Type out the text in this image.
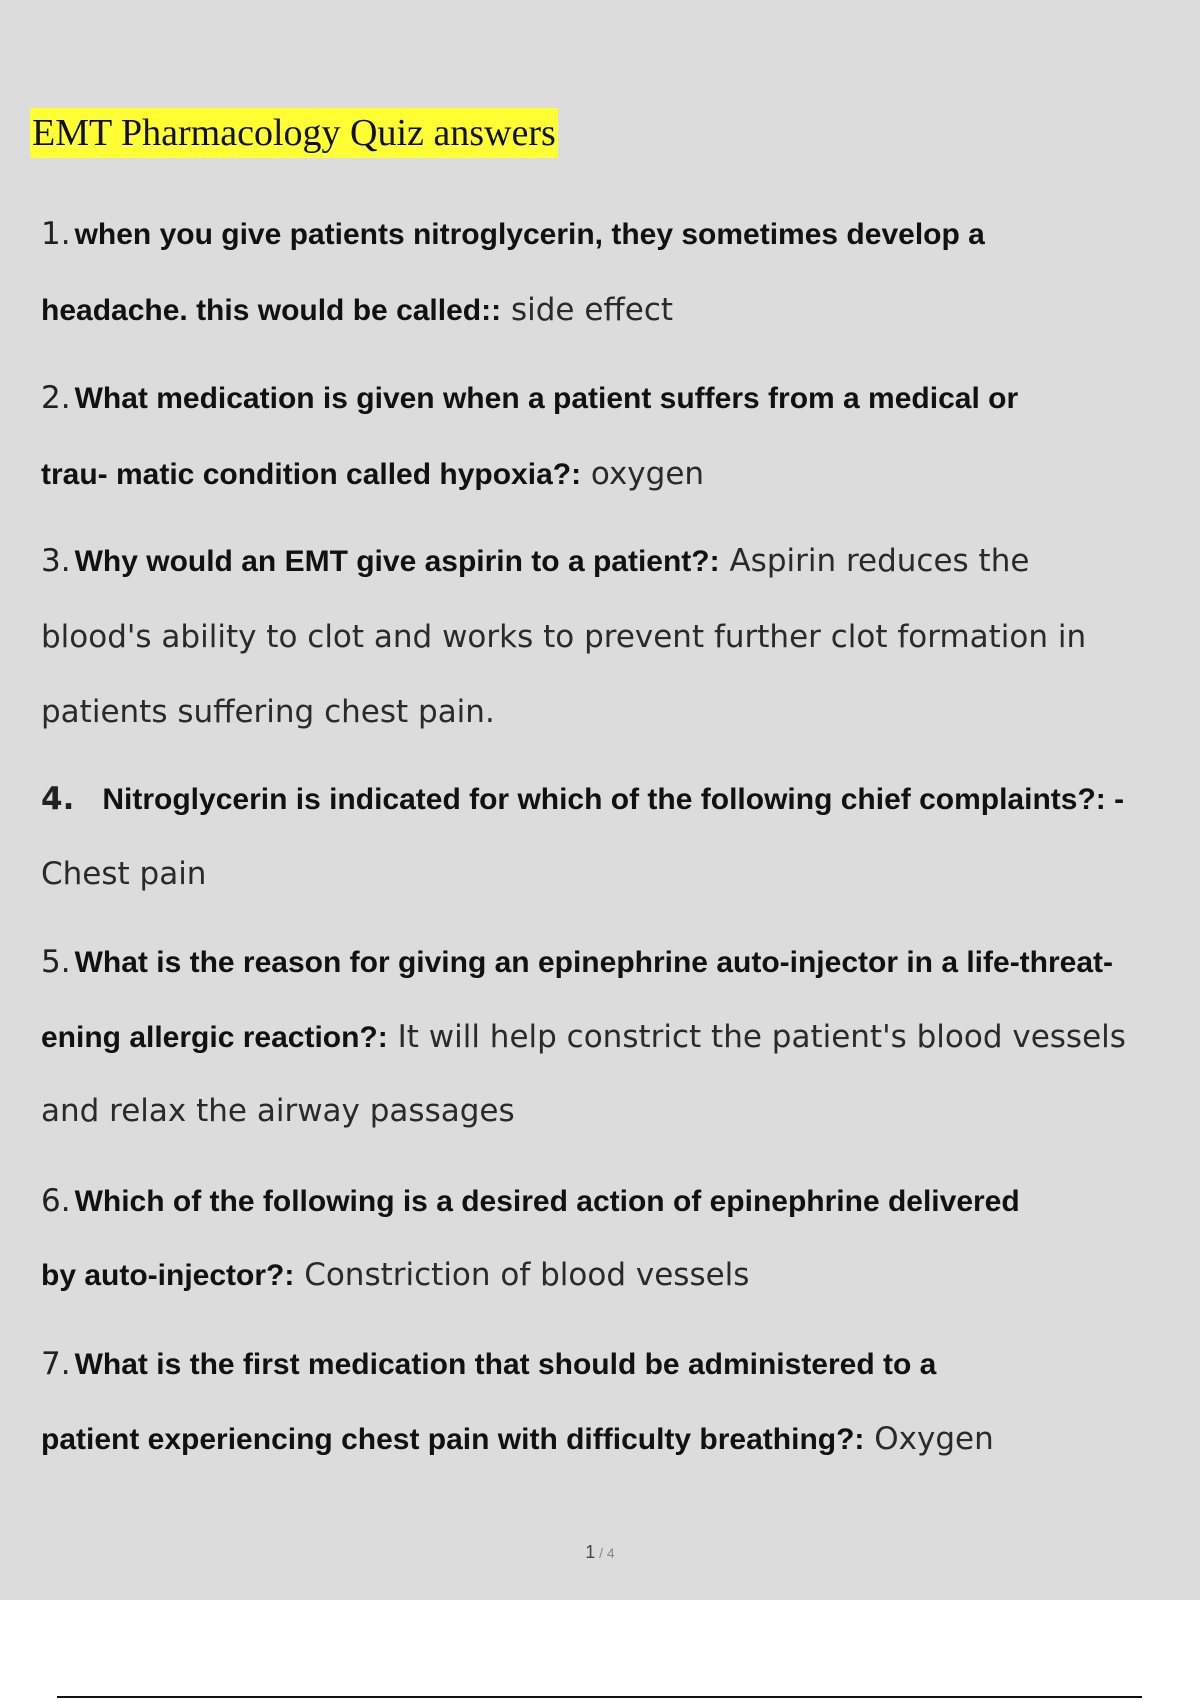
EMT Pharmacology Quiz answers
1. when you give patients nitroglycerin, they sometimes develop a
headache. this would be called:: side effect
2. What medication is given when a patient suffers from a medical or
trau- matic condition called hypoxia?: oxygen
3. Why would an EMT give aspirin to a patient?: Aspirin reduces the
blood's ability to clot and works to prevent further clot formation in
patients suffering chest pain.
4. Nitroglycerin is indicated for which of the following chief complaints?: -
Chest pain
5. What is the reason for giving an epinephrine auto-injector in a life-threat-
ening allergic reaction?: It will help constrict the patient's blood vessels
and relax the airway passages
6. Which of the following is a desired action of epinephrine delivered
by auto-injector?: Constriction of blood vessels
7. What is the first medication that should be administered to a
patient experiencing chest pain with difficulty breathing?: Oxygen
1 / 4
